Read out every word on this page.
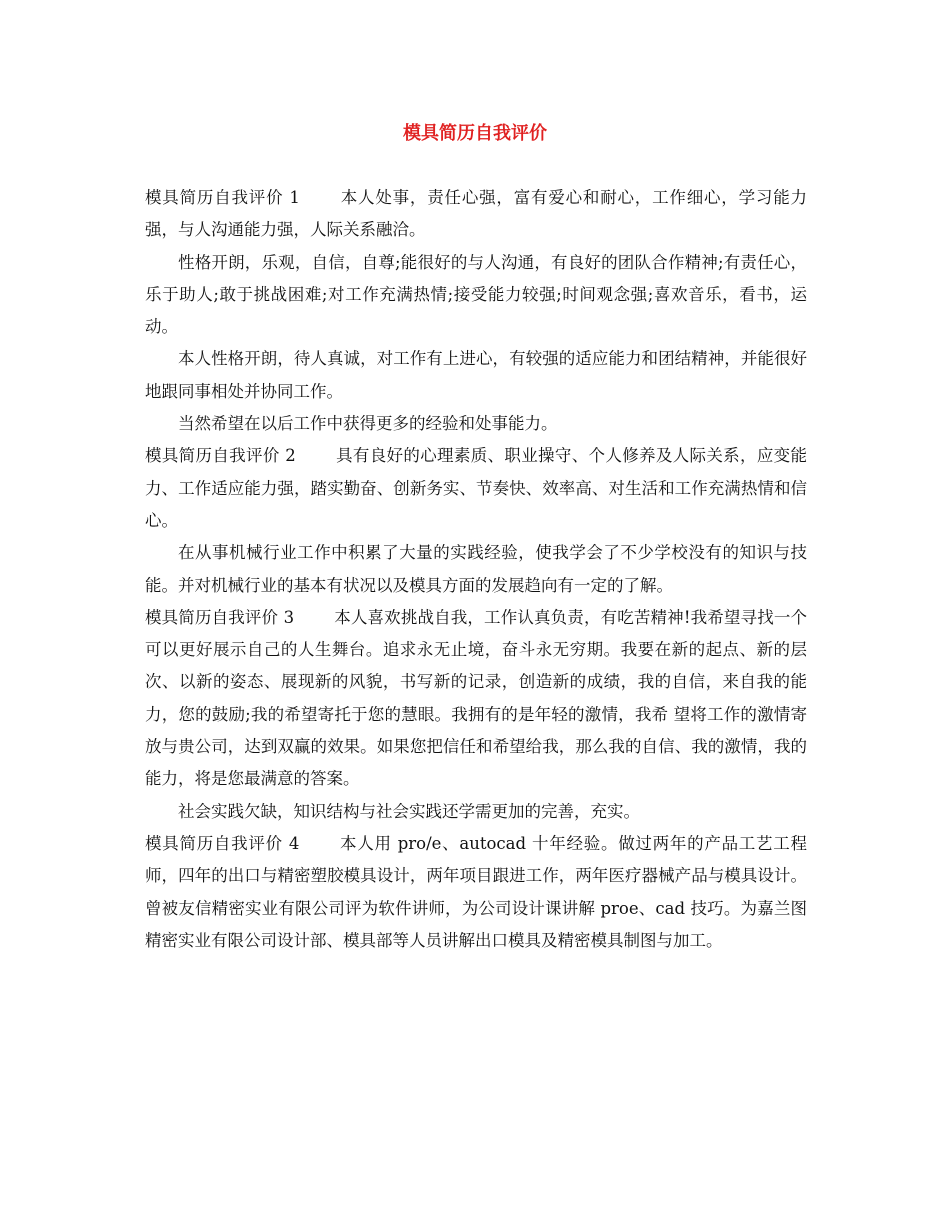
模具简历自我评价

模具简历自我评价 1 本人处事，责任心强，富有爱心和耐心，工作细心，学习能力强，与人沟通能力强，人际关系融洽。

性格开朗，乐观，自信，自尊;能很好的与人沟通，有良好的团队合作精神;有责任心，乐于助人;敢于挑战困难;对工作充满热情;接受能力较强;时间观念强;喜欢音乐，看书，运动。

本人性格开朗，待人真诚，对工作有上进心，有较强的适应能力和团结精神，并能很好地跟同事相处并协同工作。

当然希望在以后工作中获得更多的经验和处事能力。

模具简历自我评价 2 具有良好的心理素质、职业操守、个人修养及人际关系，应变能力、工作适应能力强，踏实勤奋、创新务实、节奏快、效率高、对生活和工作充满热情和信心。

在从事机械行业工作中积累了大量的实践经验，使我学会了不少学校没有的知识与技能。并对机械行业的基本有状况以及模具方面的发展趋向有一定的了解。

模具简历自我评价 3 本人喜欢挑战自我，工作认真负责，有吃苦精神!我希望寻找一个可以更好展示自己的人生舞台。追求永无止境，奋斗永无穷期。我要在新的起点、新的层次、以新的姿态、展现新的风貌，书写新的记录，创造新的成绩，我的自信，来自我的能力，您的鼓励;我的希望寄托于您的慧眼。我拥有的是年轻的激情，我希 望将工作的激情寄放与贵公司，达到双赢的效果。如果您把信任和希望给我，那么我的自信、我的激情，我的能力，将是您最满意的答案。

社会实践欠缺，知识结构与社会实践还学需更加的完善，充实。

模具简历自我评价 4 本人用 pro/e、autocad 十年经验。做过两年的产品工艺工程师，四年的出口与精密塑胶模具设计，两年项目跟进工作，两年医疗器械产品与模具设计。曾被友信精密实业有限公司评为软件讲师，为公司设计课讲解 proe、cad 技巧。为嘉兰图精密实业有限公司设计部、模具部等人员讲解出口模具及精密模具制图与加工。
